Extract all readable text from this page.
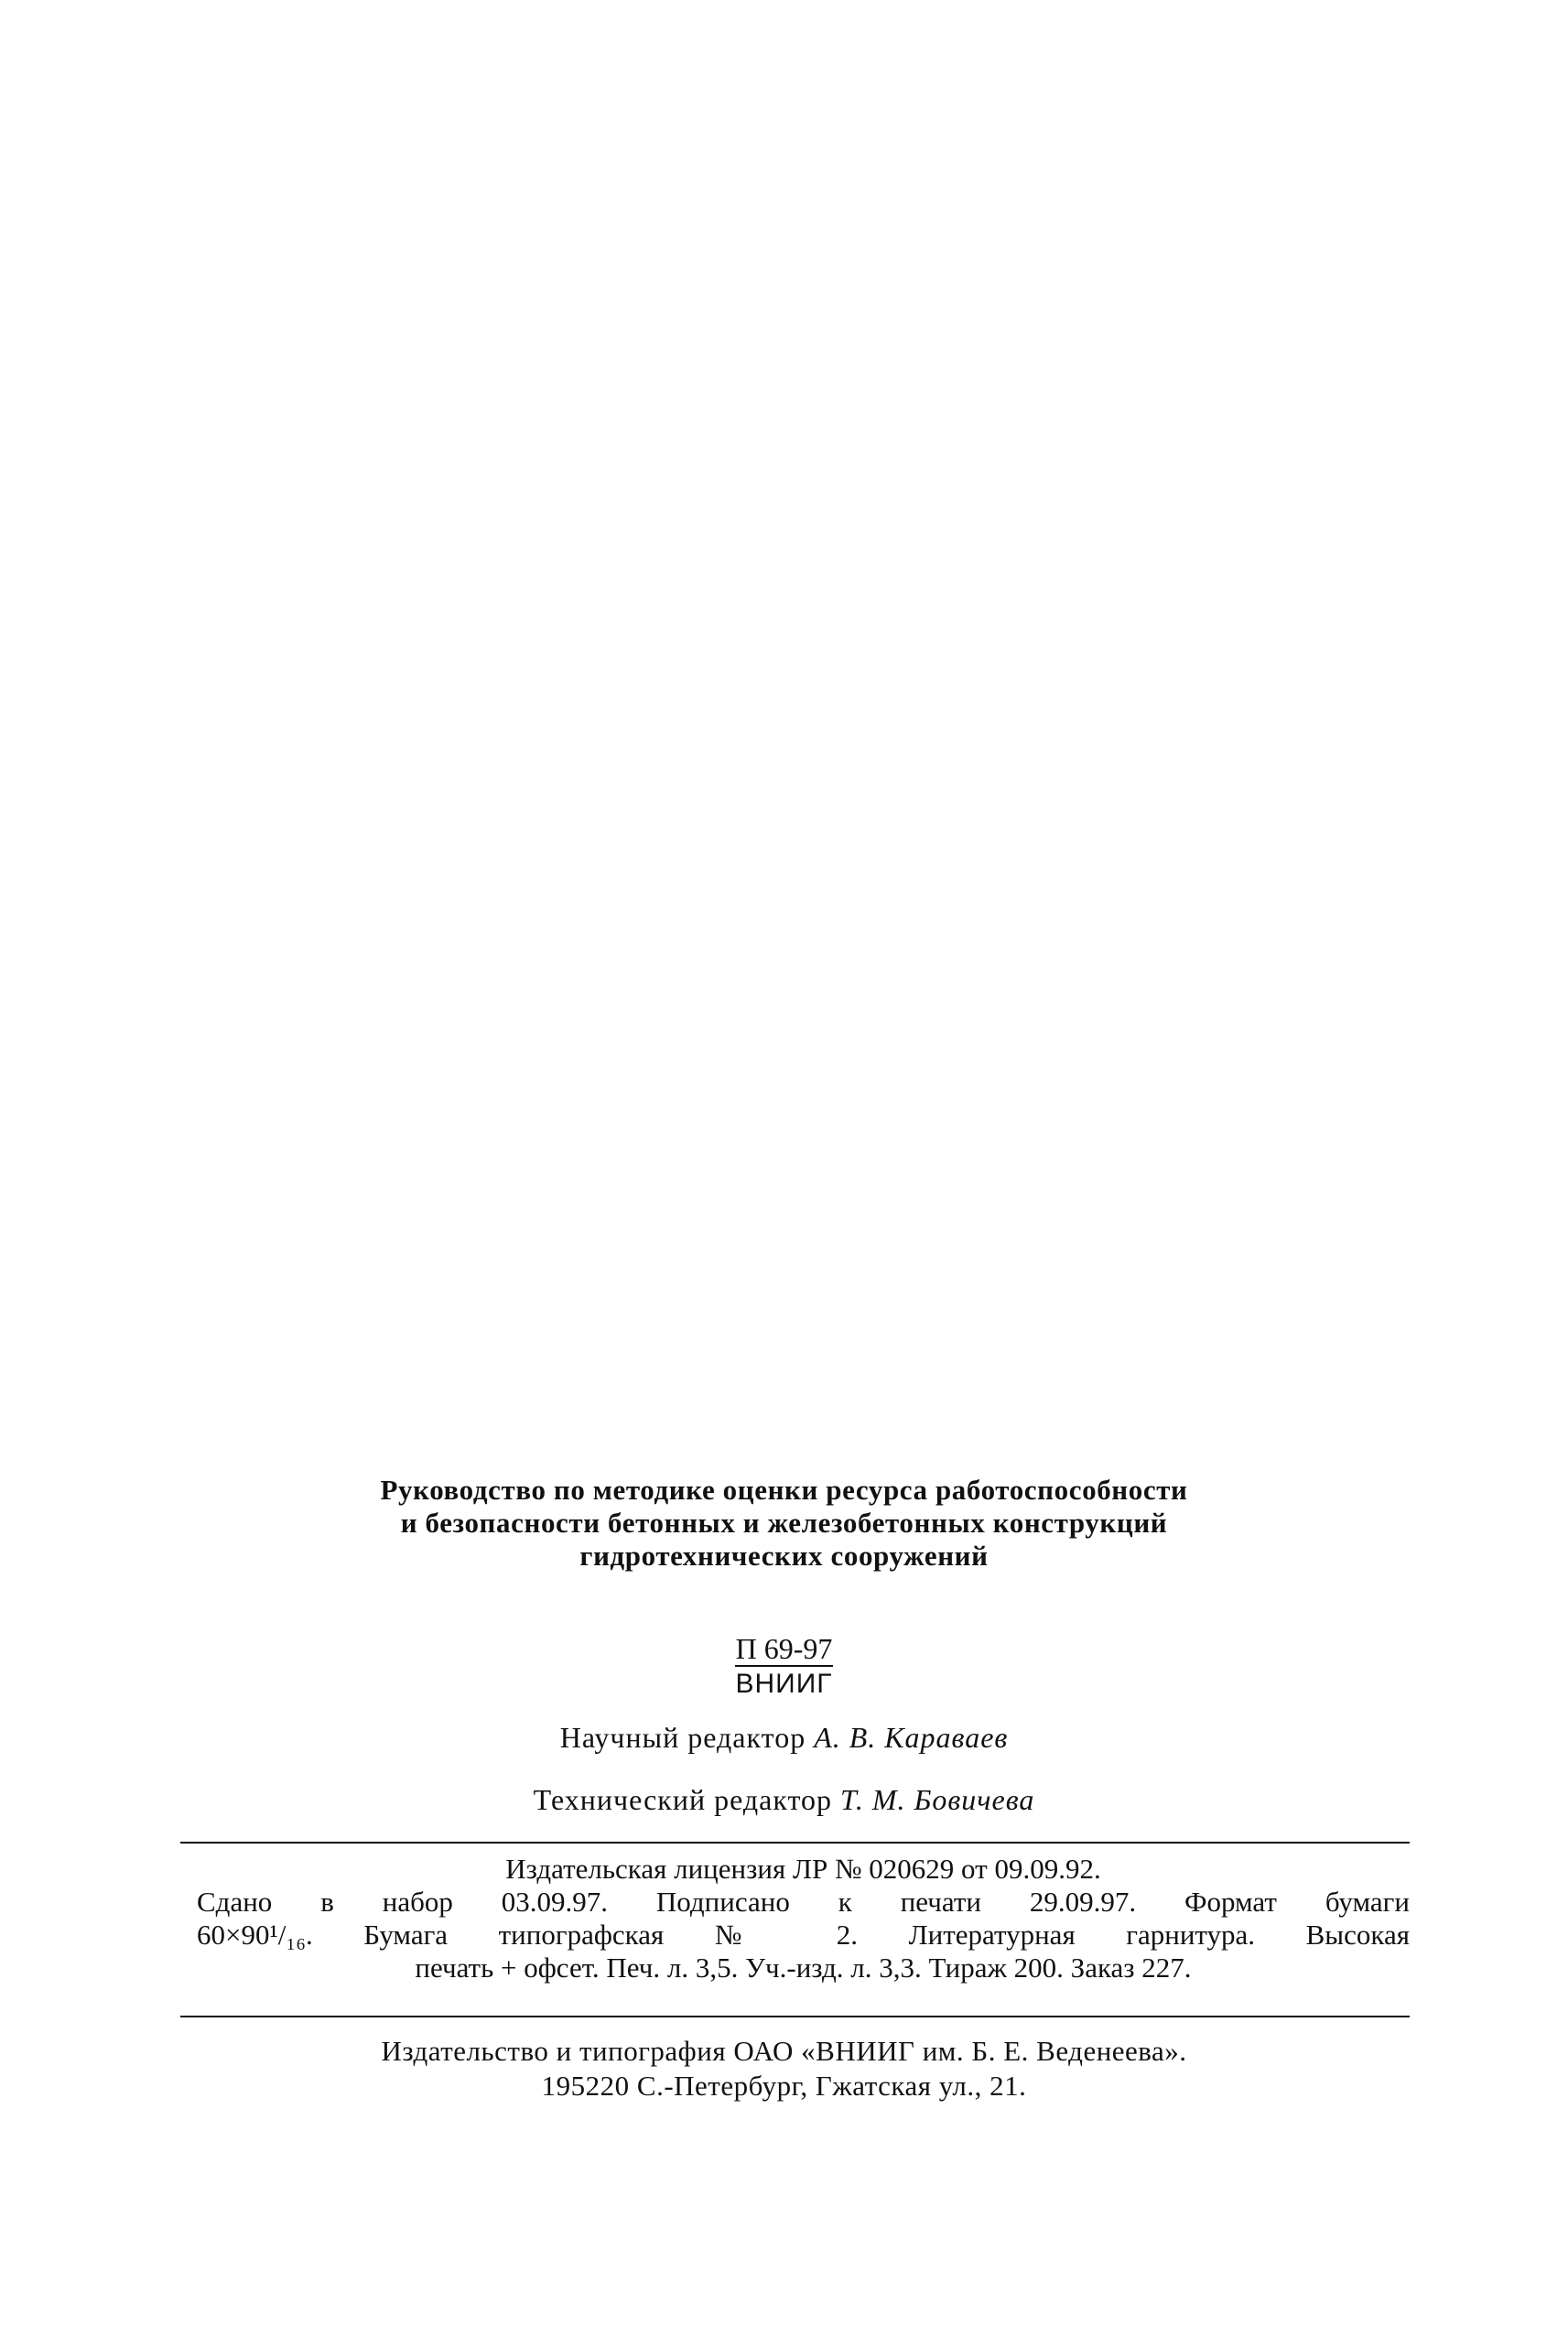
Руководство по методике оценки ресурса работоспособности
и безопасности бетонных и железобетонных конструкций
гидротехнических сооружений
П 69-97
ВНИИГ
Научный редактор А. В. Караваев
Технический редактор Т. М. Бовичева
Издательская лицензия ЛР № 020629 от 09.09.92.
Сдано в набор 03.09.97. Подписано к печати 29.09.97. Формат бумаги
60×90¹/₁₆. Бумага типографская № 2. Литературная гарнитура. Высокая
печать + офсет. Печ. л. 3,5. Уч.-изд. л. 3,3. Тираж 200. Заказ 227.
Издательство и типография ОАО «ВНИИГ им. Б. Е. Веденеева».
195220 С.-Петербург, Гжатская ул., 21.
